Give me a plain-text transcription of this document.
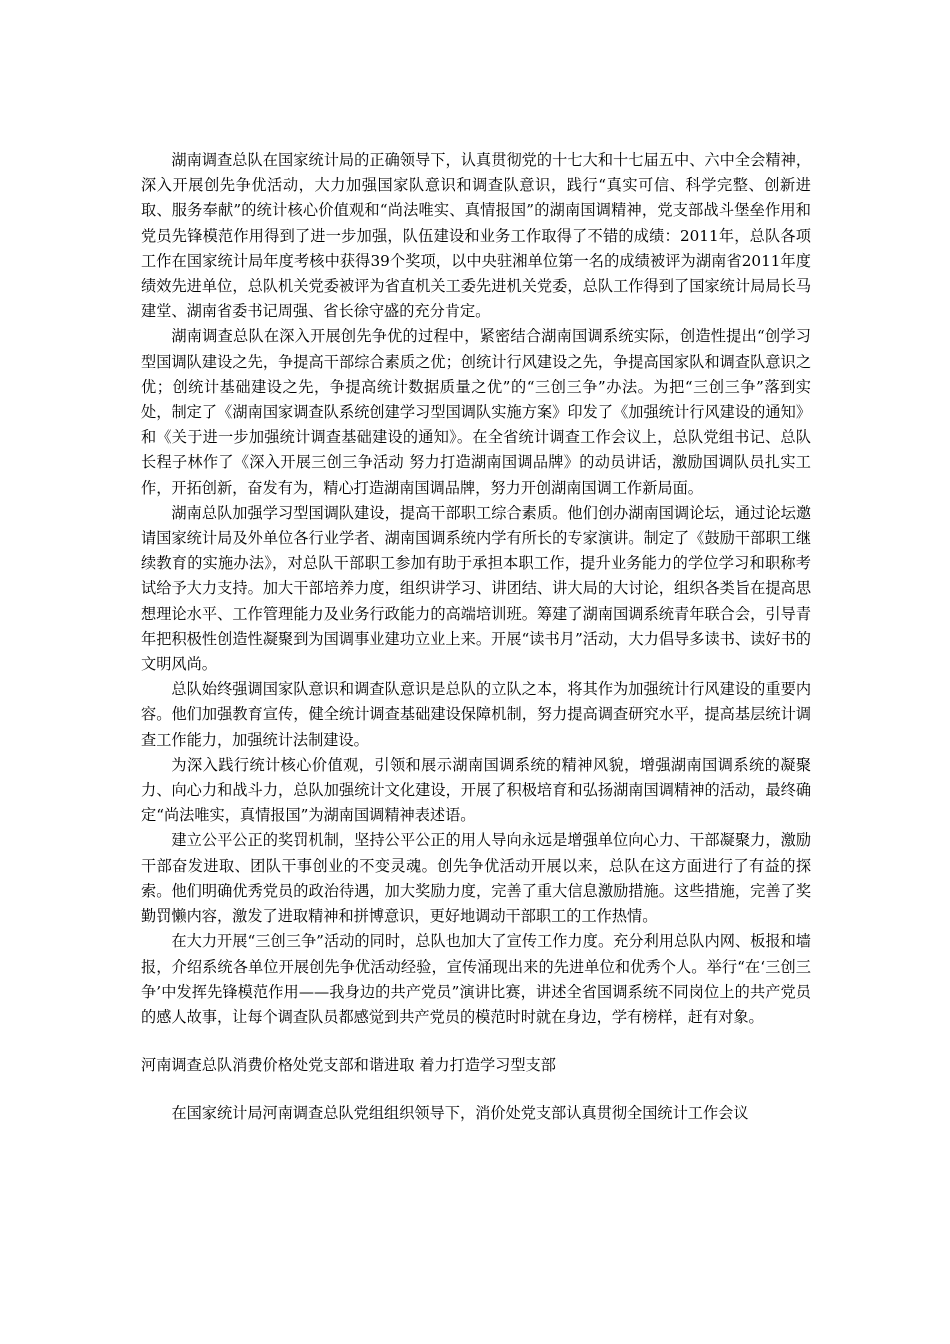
湖南调查总队在国家统计局的正确领导下，认真贯彻党的十七大和十七届五中、六中全会精神，深入开展创先争优活动，大力加强国家队意识和调查队意识，践行“真实可信、科学完整、创新进取、服务奉献”的统计核心价值观和“尚法唯实、真情报国”的湖南国调精神，党支部战斗堡垒作用和党员先锋模范作用得到了进一步加强，队伍建设和业务工作取得了不错的成绩：2011年，总队各项工作在国家统计局年度考核中获得39个奖项，以中央驻湘单位第一名的成绩被评为湖南省2011年度绩效先进单位，总队机关党委被评为省直机关工委先进机关党委，总队工作得到了国家统计局局长马建堂、湖南省委书记周强、省长徐守盛的充分肯定。

湖南调查总队在深入开展创先争优的过程中，紧密结合湖南国调系统实际，创造性提出“创学习型国调队建设之先，争提高干部综合素质之优；创统计行风建设之先，争提高国家队和调查队意识之优；创统计基础建设之先，争提高统计数据质量之优”的“三创三争”办法。为把“三创三争”落到实处，制定了《湖南国家调查队系统创建学习型国调队实施方案》印发了《加强统计行风建设的通知》和《关于进一步加强统计调查基础建设的通知》。在全省统计调查工作会议上，总队党组书记、总队长程子林作了《深入开展三创三争活动 努力打造湖南国调品牌》的动员讲话，激励国调队员扎实工作，开拓创新，奋发有为，精心打造湖南国调品牌，努力开创湖南国调工作新局面。

湖南总队加强学习型国调队建设，提高干部职工综合素质。他们创办湖南国调论坛，通过论坛邀请国家统计局及外单位各行业学者、湖南国调系统内学有所长的专家演讲。制定了《鼓励干部职工继续教育的实施办法》，对总队干部职工参加有助于承担本职工作，提升业务能力的学位学习和职称考试给予大力支持。加大干部培养力度，组织讲学习、讲团结、讲大局的大讨论，组织各类旨在提高思想理论水平、工作管理能力及业务行政能力的高端培训班。筹建了湖南国调系统青年联合会，引导青年把积极性创造性凝聚到为国调事业建功立业上来。开展“读书月”活动，大力倡导多读书、读好书的文明风尚。

总队始终强调国家队意识和调查队意识是总队的立队之本，将其作为加强统计行风建设的重要内容。他们加强教育宣传，健全统计调查基础建设保障机制，努力提高调查研究水平，提高基层统计调查工作能力，加强统计法制建设。

为深入践行统计核心价值观，引领和展示湖南国调系统的精神风貌，增强湖南国调系统的凝聚力、向心力和战斗力，总队加强统计文化建设，开展了积极培育和弘扬湖南国调精神的活动，最终确定“尚法唯实，真情报国”为湖南国调精神表述语。

建立公平公正的奖罚机制，坚持公平公正的用人导向永远是增强单位向心力、干部凝聚力，激励干部奋发进取、团队干事创业的不变灵魂。创先争优活动开展以来，总队在这方面进行了有益的探索。他们明确优秀党员的政治待遇，加大奖励力度，完善了重大信息激励措施。这些措施，完善了奖勤罚懒内容，激发了进取精神和拼博意识，更好地调动干部职工的工作热情。

在大力开展“三创三争”活动的同时，总队也加大了宣传工作力度。充分利用总队内网、板报和墙报，介绍系统各单位开展创先争优活动经验，宣传涌现出来的先进单位和优秀个人。举行“在‘三创三争’中发挥先锋模范作用——我身边的共产党员”演讲比赛，讲述全省国调系统不同岗位上的共产党员的感人故事，让每个调查队员都感觉到共产党员的模范时时就在身边，学有榜样，赶有对象。

河南调查总队消费价格处党支部和谐进取 着力打造学习型支部

在国家统计局河南调查总队党组组织领导下，消价处党支部认真贯彻全国统计工作会议
